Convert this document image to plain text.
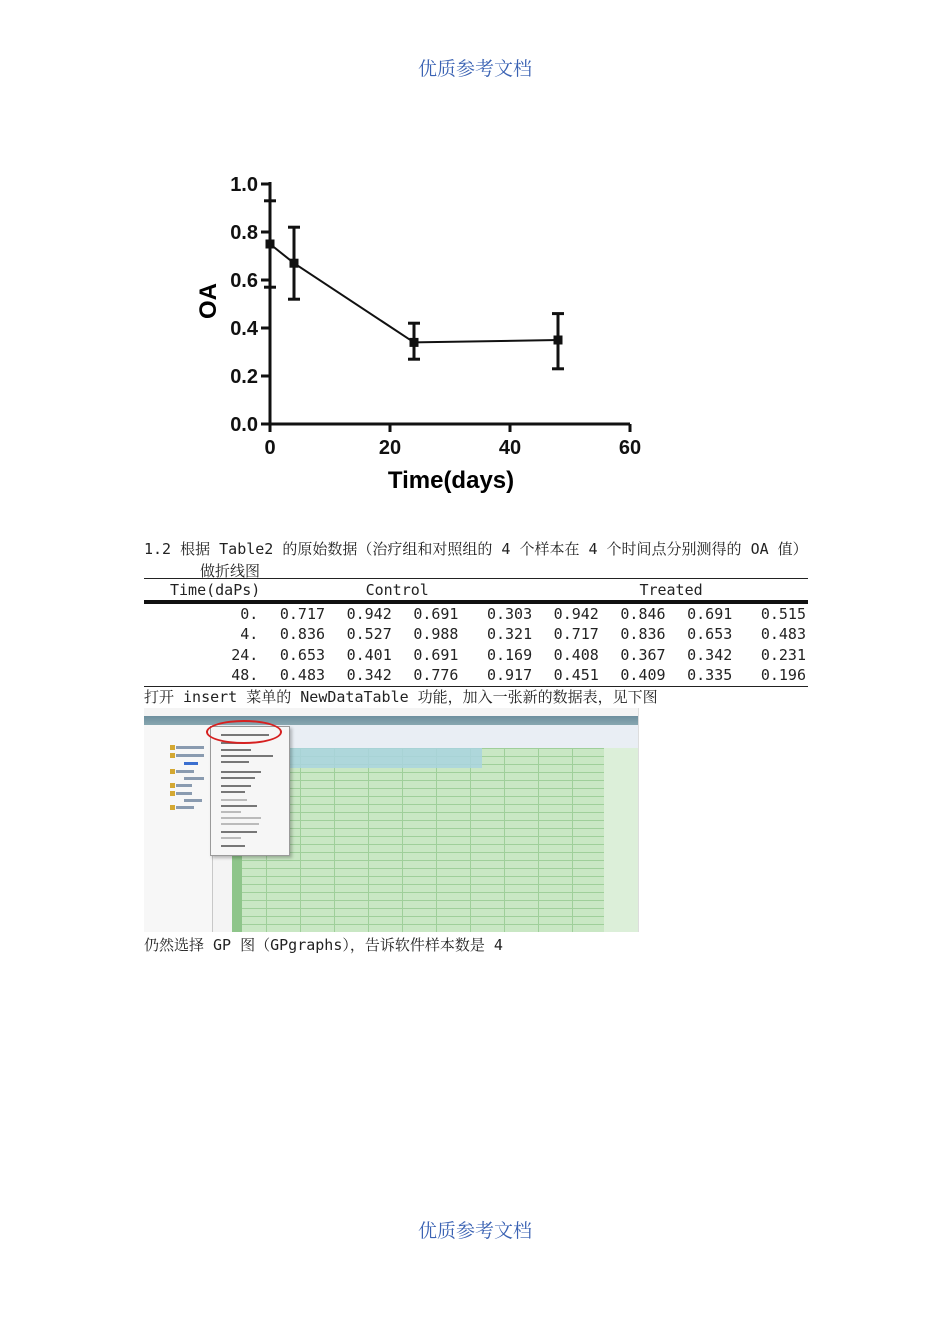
优质参考文档
0.0
0.2
0.4
0.6
0.8
1.0
0	20	40	60
Time(days)
OA
1.2 根据 Table2 的原始数据（治疗组和对照组的 4 个样本在 4 个时间点分别测得的 OA 值）
做折线图
Time(daPs)	Control				Treated			
0.	0.717	0.942	0.691	0.303	0.942	0.846	0.691	0.515
4.	0.836	0.527	0.988	0.321	0.717	0.836	0.653	0.483
24.	0.653	0.401	0.691	0.169	0.408	0.367	0.342	0.231
48.	0.483	0.342	0.776	0.917	0.451	0.409	0.335	0.196
打开 insert 菜单的 NewDataTable 功能，加入一张新的数据表，见下图
仍然选择 GP 图（GPgraphs），告诉软件样本数是 4
优质参考文档
